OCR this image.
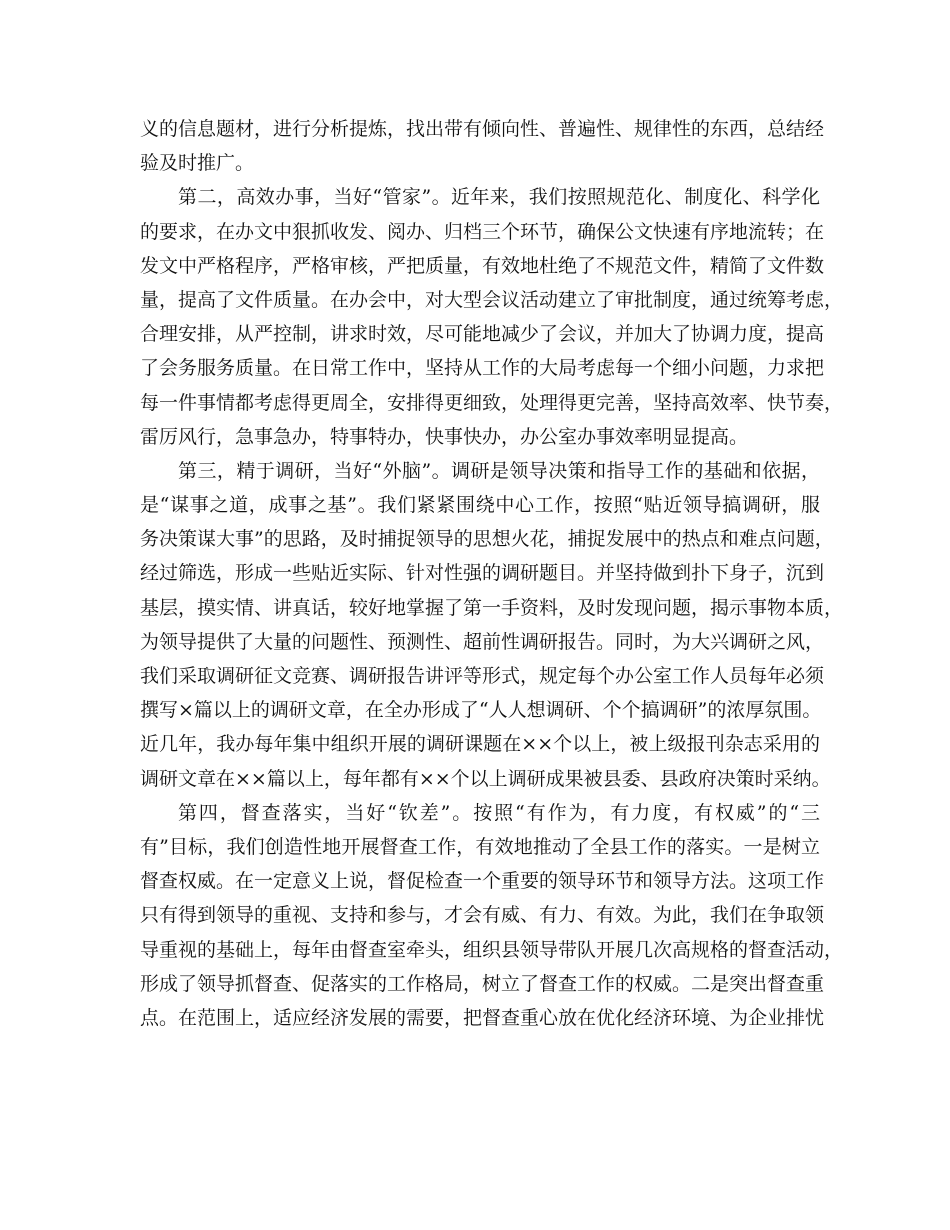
义的信息题材，进行分析提炼，找出带有倾向性、普遍性、规律性的东西，总结经
验及时推广。
第二，高效办事，当好“管家”。近年来，我们按照规范化、制度化、科学化
的要求，在办文中狠抓收发、阅办、归档三个环节，确保公文快速有序地流转；在
发文中严格程序，严格审核，严把质量，有效地杜绝了不规范文件，精简了文件数
量，提高了文件质量。在办会中，对大型会议活动建立了审批制度，通过统筹考虑，
合理安排，从严控制，讲求时效，尽可能地减少了会议，并加大了协调力度，提高
了会务服务质量。在日常工作中，坚持从工作的大局考虑每一个细小问题，力求把
每一件事情都考虑得更周全，安排得更细致，处理得更完善，坚持高效率、快节奏，
雷厉风行，急事急办，特事特办，快事快办，办公室办事效率明显提高。
第三，精于调研，当好“外脑”。调研是领导决策和指导工作的基础和依据，
是“谋事之道，成事之基”。我们紧紧围绕中心工作，按照“贴近领导搞调研，服
务决策谋大事”的思路，及时捕捉领导的思想火花，捕捉发展中的热点和难点问题，
经过筛选，形成一些贴近实际、针对性强的调研题目。并坚持做到扑下身子，沉到
基层，摸实情、讲真话，较好地掌握了第一手资料，及时发现问题，揭示事物本质，
为领导提供了大量的问题性、预测性、超前性调研报告。同时，为大兴调研之风，
我们采取调研征文竞赛、调研报告讲评等形式，规定每个办公室工作人员每年必须
撰写×篇以上的调研文章，在全办形成了“人人想调研、个个搞调研”的浓厚氛围。
近几年，我办每年集中组织开展的调研课题在××个以上，被上级报刊杂志采用的
调研文章在××篇以上，每年都有××个以上调研成果被县委、县政府决策时采纳。
第四，督查落实，当好“钦差”。按照“有作为，有力度，有权威”的“三
有”目标，我们创造性地开展督查工作，有效地推动了全县工作的落实。一是树立
督查权威。在一定意义上说，督促检查一个重要的领导环节和领导方法。这项工作
只有得到领导的重视、支持和参与，才会有威、有力、有效。为此，我们在争取领
导重视的基础上，每年由督查室牵头，组织县领导带队开展几次高规格的督查活动，
形成了领导抓督查、促落实的工作格局，树立了督查工作的权威。二是突出督查重
点。在范围上，适应经济发展的需要，把督查重心放在优化经济环境、为企业排忧
